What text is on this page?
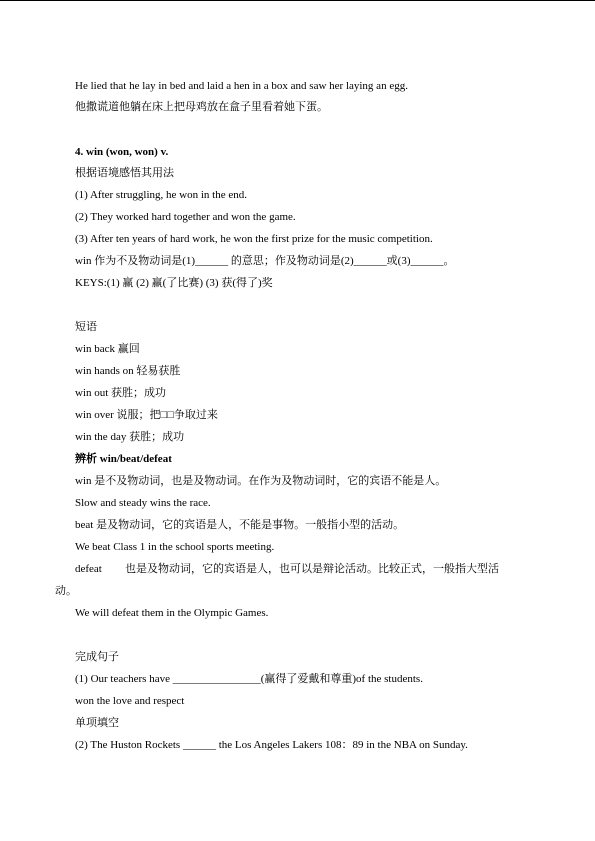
He lied that he lay in bed and laid a hen in a box and saw her laying an egg.
他撒谎道他躺在床上把母鸡放在盒子里看着她下蛋。
4. win (won, won) v.
根据语境感悟其用法
(1) After struggling, he won in the end.
(2) They worked hard together and won the game.
(3) After ten years of hard work, he won the first prize for the music competition.
win 作为不及物动词是(1)______ 的意思；作及物动词是(2)______或(3)______。
KEYS:(1) 赢 (2) 赢(了比赛) (3) 获(得了)奖
短语
win back 赢回
win hands on 轻易获胜
win out 获胜；成功
win over 说服；把□□争取过来
win the day 获胜；成功
辨析 win/beat/defeat
win 是不及物动词，也是及物动词。在作为及物动词时，它的宾语不能是人。
Slow and steady wins the race.
beat 是及物动词，它的宾语是人，不能是事物。一般指小型的活动。
We beat Class 1 in the school sports meeting.
defeat 也是及物动词，它的宾语是人，也可以是辩论活动。比较正式，一般指大型活
动。
We will defeat them in the Olympic Games.
完成句子
(1) Our teachers have ________________(赢得了爱戴和尊重)of the students.
won the love and respect
单项填空
(2) The Huston Rockets ______ the Los Angeles Lakers 108：89 in the NBA on Sunday.
